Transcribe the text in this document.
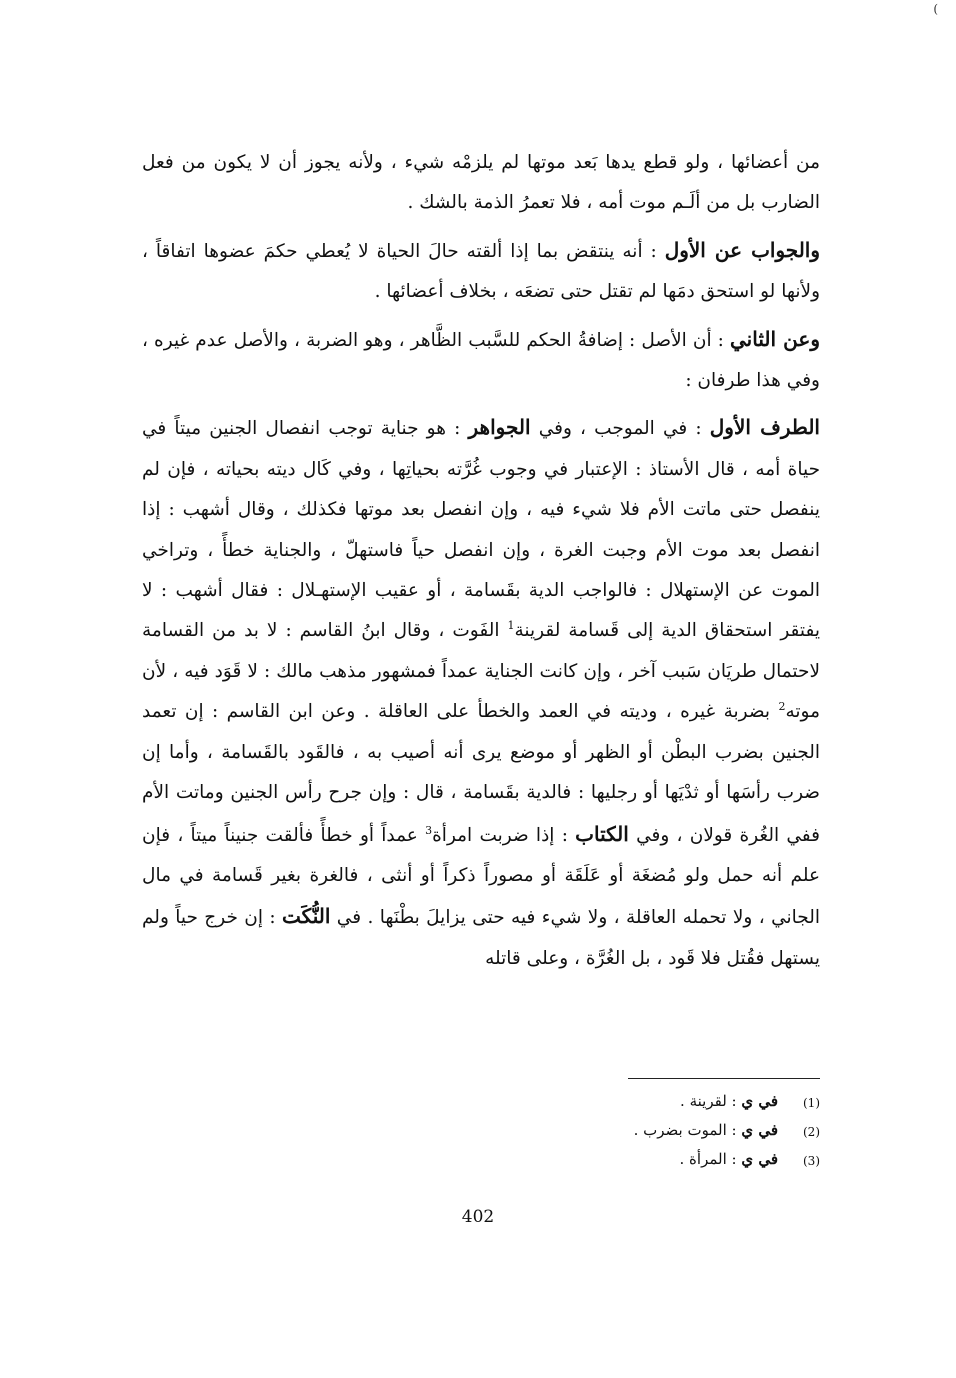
(

من أعضائها ، ولو قطع يدها بَعد موتها لم يلزمْه شيء ، ولأنه يجوز أن لا يكون من فعل الضارب بل من ألَـم موت أمه ، فلا تعمرُ الذمة بالشك .

والجواب عن الأول : أنه ينتقض بما إذا ألقته حالَ الحياة لا يُعطي حكمَ عضوها اتفاقاً ، ولأنها لو استحق دمَها لم تقتل حتى تضعَه ، بخلاف أعضائها .

وعن الثاني : أن الأصل : إضافةُ الحكم للسَّبب الظَّاهر ، وهو الضربة ، والأصل عدم غيره ، وفي هذا طرفان :

الطرف الأول : في الموجب ، وفي الجواهر : هو جناية توجب انفصال الجنين ميتاً في حياة أمه ، قال الأستاذ : الإعتبار في وجوب غُرَّته بحياتِها ، وفي كَال ديته بحياته ، فإن لم ينفصل حتى ماتت الأم فلا شيء فيه ، وإن انفصل بعد موتها فكذلك ، وقال أشهب : إذا انفصل بعد موت الأم وجبت الغرة ، وإن انفصل حياً فاستهلّ ، والجناية خطأً ، وتراخي الموت عن الإستهلال : فالواجب الدية بقَسامة ، أو عقيب الإستهـلال : فقال أشهب : لا يفتقر استحقاق الدية إلى قَسامة لقرينة$^1$ الفَوت ، وقال ابنُ القاسم : لا بد من القسامة لاحتمال طريَان سَبب آخر ، وإن كانت الجناية عمداً فمشهور مذهب مالك : لا قَوَد فيه ، لأن موته$^2$ بضربة غيره ، وديته في العمد والخطأ على العاقلة . وعن ابن القاسم : إن تعمد الجنين بضرب البطْن أو الظهر أو موضع يرى أنه أصيب به ، فالقَود بالقَسامة ، وأما إن ضرب رأسَها أو ثدْيَها أو رجليها : فالدية بقَسامة ، قال : وإن جرح رأس الجنين وماتت الأم ففي الغُرة قولان ، وفي الكتاب : إذا ضربت امرأة$^3$ عمداً أو خطأً فألقت جنيناً ميتاً ، فإن علم أنه حمل ولو مُضغَة أو عَلَقَة أو مصوراً ذكراً أو أنثى ، فالغرة بغير قَسامة في مال الجاني ، ولا تحمله العاقلة ، ولا شيء فيه حتى يزايلَ بطْنَها . في النُّكَت : إن خرج حياً ولم يستهل فقُتل فلا قَود ، بل الغُرَّة ، وعلى قاتله

(1)
في ي : لقرينة .
(2)
في ي : الموت بضرب .
(3)
في ي : المرأة .
402
